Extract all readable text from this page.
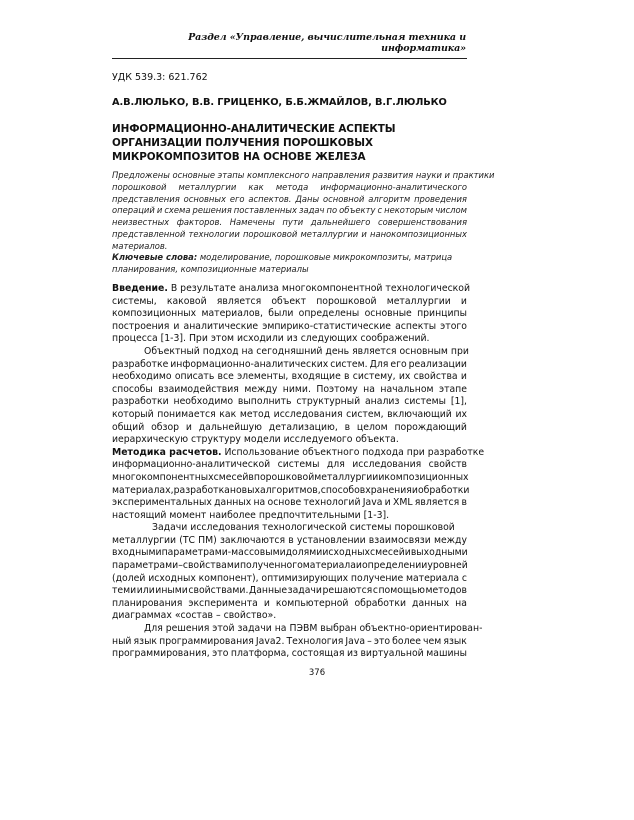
Раздел «Управление, вычислительная техника и информатика»
УДК 539.3: 621.762
А.В.ЛЮЛЬКО, В.В. ГРИЦЕНКО, Б.Б.ЖМАЙЛОВ, В.Г.ЛЮЛЬКО
ИНФОРМАЦИОННО-АНАЛИТИЧЕСКИЕ АСПЕКТЫ
ОРГАНИЗАЦИИ ПОЛУЧЕНИЯ ПОРОШКОВЫХ
МИКРОКОМПОЗИТОВ НА ОСНОВЕ ЖЕЛЕЗА
Предложены основные этапы комплексного направления развития науки и практики
порошковой металлургии как метода информационно-аналитического
представления основных его аспектов. Даны основной алгоритм проведения
операций и схема решения поставленных задач по объекту с некоторым числом
неизвестных факторов. Намечены пути дальнейшего совершенствования
представленной технологии порошковой металлургии и нанокомпозиционных
материалов.
Ключевые слова: моделирование, порошковые микрокомпозиты, матрица
планирования, композиционные материалы
Введение. В результате анализа многокомпонентной технологической
системы, каковой является объект порошковой металлургии и
композиционных материалов, были определены основные принципы
построения и аналитические эмпирико-статистические аспекты этого
процесса [1-3]. При этом исходили из следующих соображений.
Объектный подход на сегодняшний день является основным при
разработке информационно-аналитических систем. Для его реализации
необходимо описать все элементы, входящие в систему, их свойства и
способы взаимодействия между ними. Поэтому на начальном этапе
разработки необходимо выполнить структурный анализ системы [1],
который понимается как метод исследования систем, включающий их
общий обзор и дальнейшую детализацию, в целом порождающий
иерархическую структуру модели исследуемого объекта.
Методика расчетов. Использование объектного подхода при разработке
информационно-аналитической системы для исследования свойств
многокомпонентных смесей в порошковой металлургии и композиционных
материалах, разработка новых алгоритмов, способов хранения и обработки
экспериментальных данных на основе технологий Java и XML является в
настоящий момент наиболее предпочтительными [1-3].
Задачи исследования технологической системы порошковой
металлургии (ТС ПМ) заключаются в установлении взаимосвязи между
входными параметрами - массовыми долями исходных смесей и выходными
параметрами – свойствами полученного материала и определении уровней
(долей исходных компонент), оптимизирующих получение материала с
теми или иными свойствами. Данные задачи решаются с помощью методов
планирования эксперимента и компьютерной обработки данных на
диаграммах «состав – свойство».
Для решения этой задачи на ПЭВМ выбран объектно-ориентирован-
ный язык программирования Java2. Технология Java – это более чем язык
программирования, это платформа, состоящая из виртуальной машины
376
